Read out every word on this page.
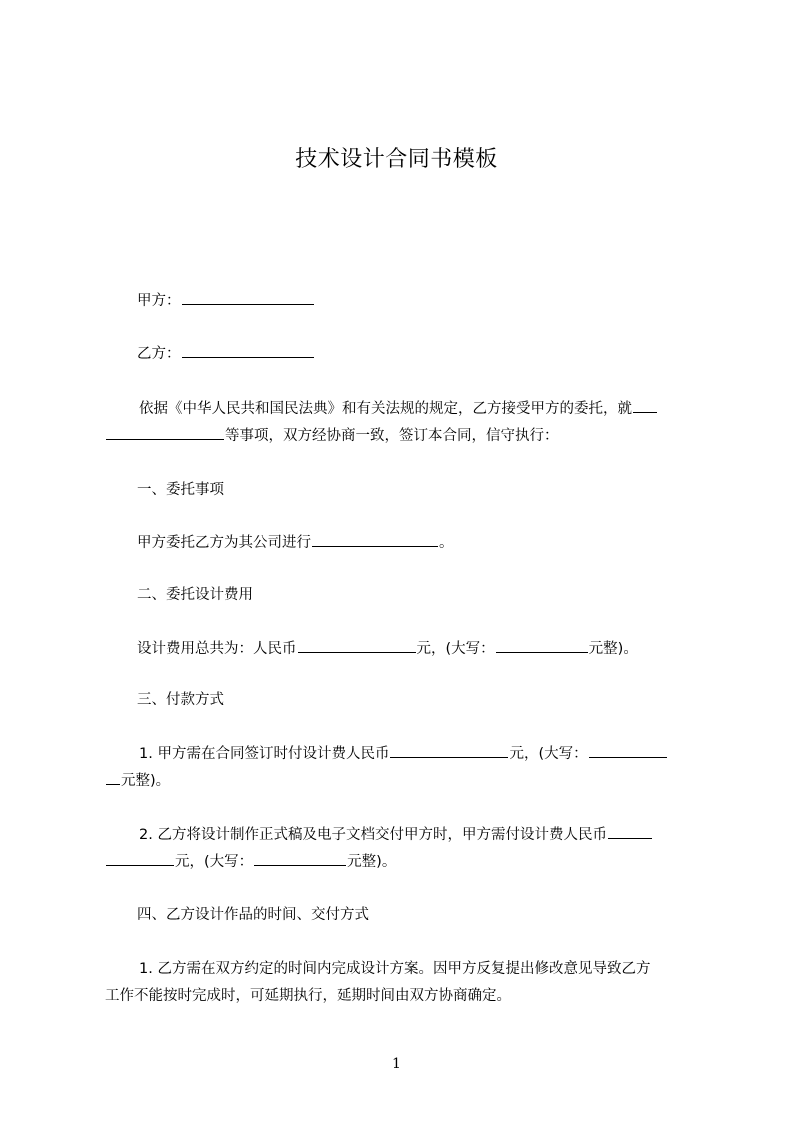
技术设计合同书模板
甲方：
乙方：
依据《中华人民共和国民法典》和有关法规的规定，乙方接受甲方的委托，就
等事项，双方经协商一致，签订本合同，信守执行：
一、委托事项
甲方委托乙方为其公司进行	。
二、委托设计费用
设计费用总共为：人民币	元，(大写：	元整)。
三、付款方式
1. 甲方需在合同签订时付设计费人民币	元，(大写：
元整)。
2. 乙方将设计制作正式稿及电子文档交付甲方时，甲方需付设计费人民币
元，(大写：	元整)。
四、乙方设计作品的时间、交付方式
1. 乙方需在双方约定的时间内完成设计方案。因甲方反复提出修改意见导致乙方
工作不能按时完成时，可延期执行，延期时间由双方协商确定。
1
